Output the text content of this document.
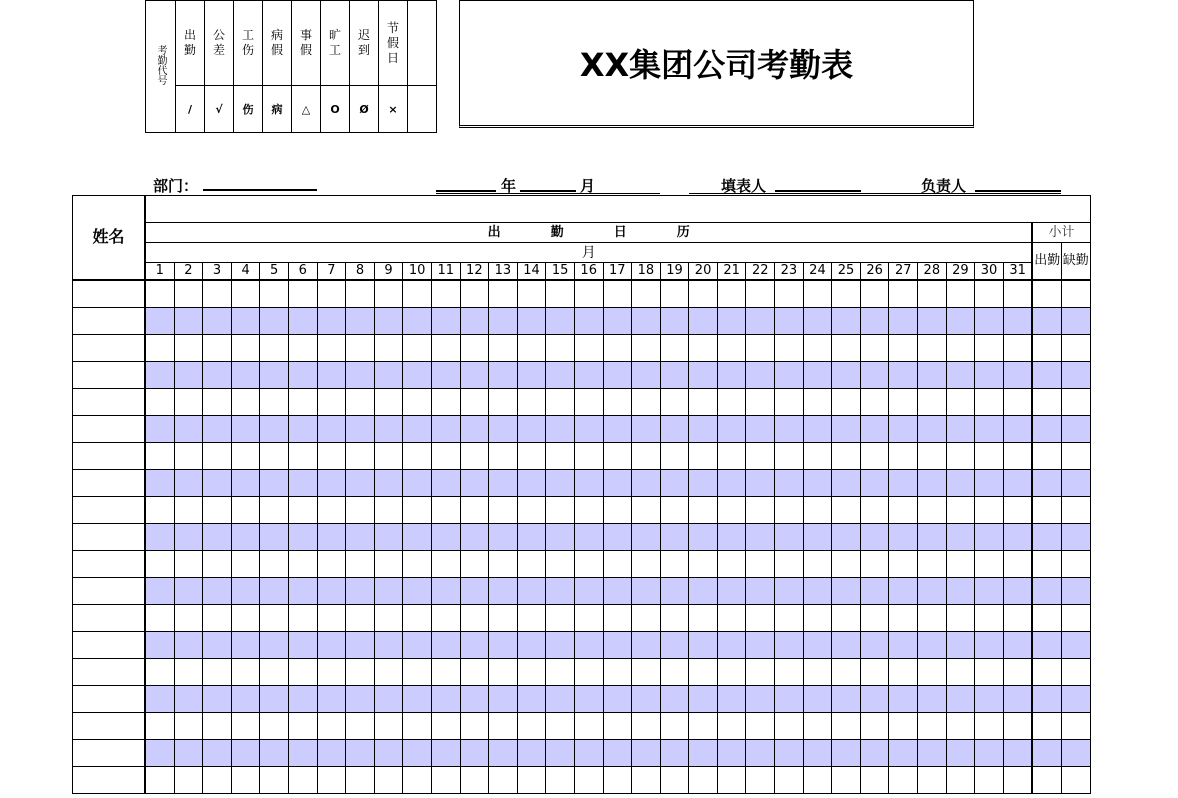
考勤代号	出勤	公差	工伤	病假	事假	旷工	迟到	节假日	
	/	√	伤	病	△	O	Ø	×	
XX集团公司考勤表
部门：	年	月	填表人	负责人
姓名																																	
	出 勤 日 历																															小计	
	月																															出勤	缺勤
	1	2	3	4	5	6	7	8	9	10	11	12	13	14	15	16	17	18	19	20	21	22	23	24	25	26	27	28	29	30	31		
